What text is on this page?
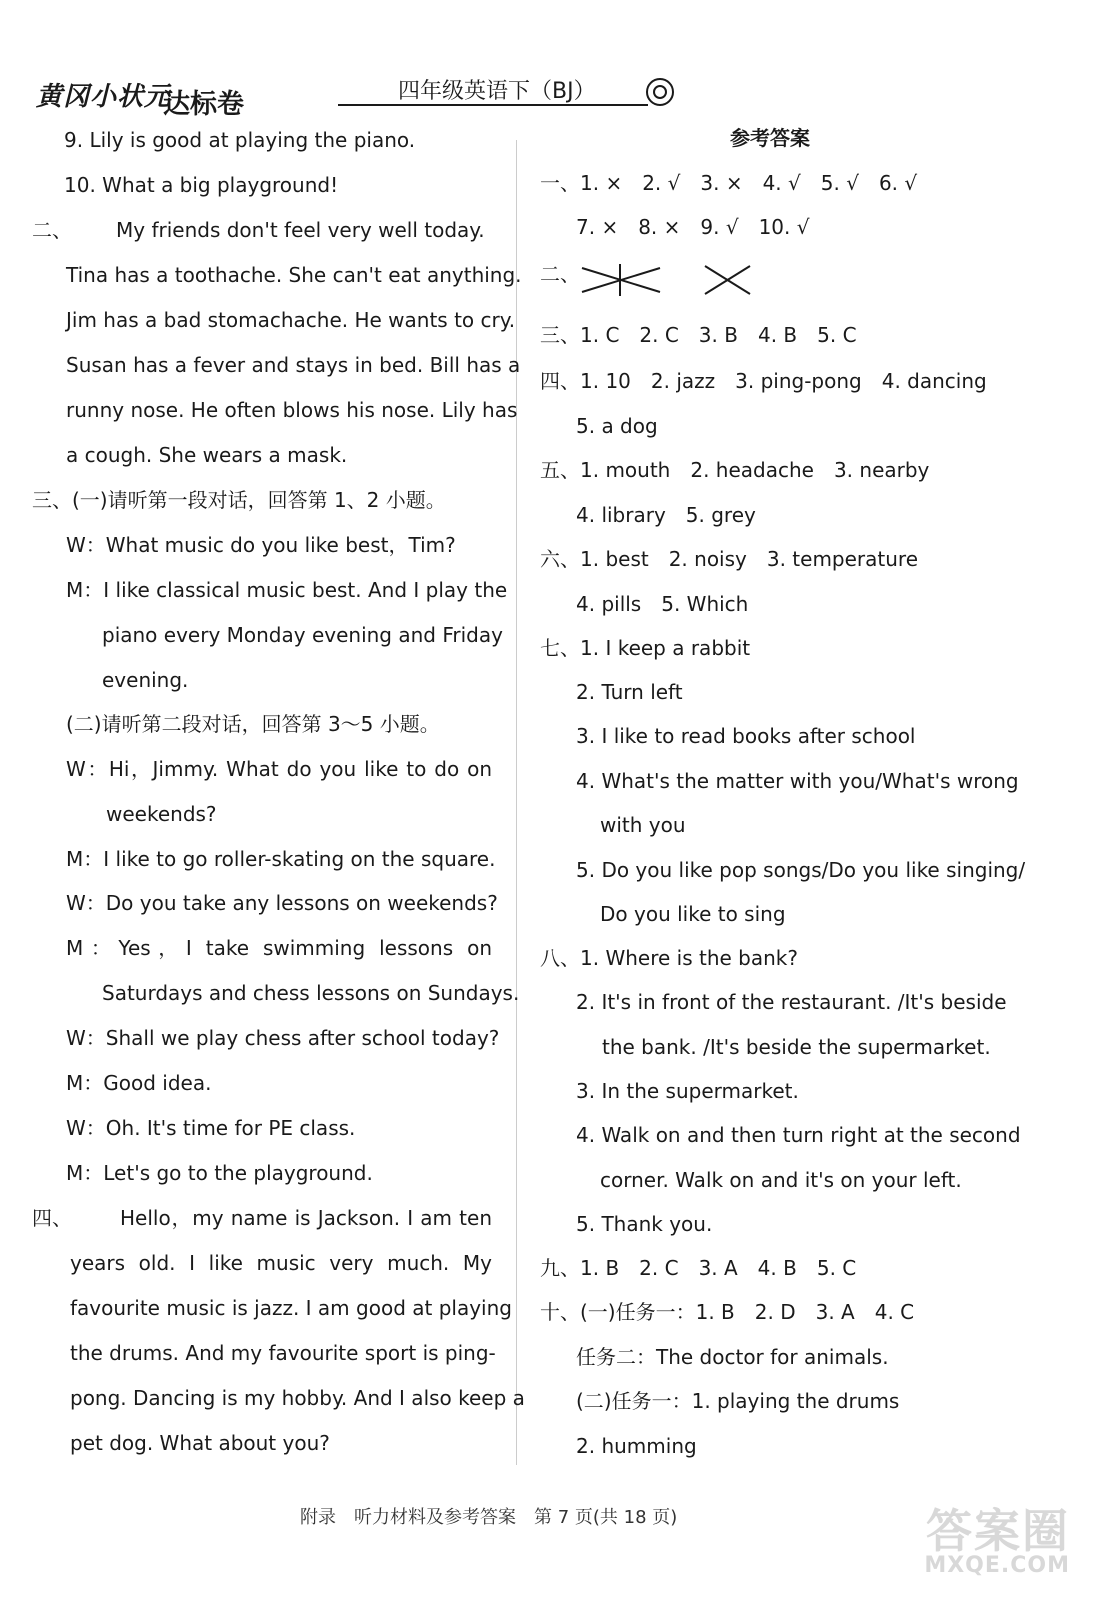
黄冈小状元
达标卷	四年级英语下（BJ）
9. Lily is good at playing the piano.
10. What a big playground!
二、 My friends don't feel very well today.
Tina has a toothache. She can't eat anything.
Jim has a bad stomachache. He wants to cry.
Susan has a fever and stays in bed. Bill has a
runny nose. He often blows his nose. Lily has
a cough. She wears a mask.
三、(一)请听第一段对话，回答第 1、2 小题。
W：What music do you like best，Tim?
M：I like classical music best. And I play the
piano every Monday evening and Friday
evening.
(二)请听第二段对话，回答第 3～5 小题。
W：Hi，Jimmy. What do you like to do on
weekends?
M：I like to go roller-skating on the square.
W：Do you take any lessons on weekends?
M：Yes，I take swimming lessons on
Saturdays and chess lessons on Sundays.
W：Shall we play chess after school today?
M：Good idea.
W：Oh. It's time for PE class.
M：Let's go to the playground.
四、 Hello，my name is Jackson. I am ten
years old. I like music very much. My
favourite music is jazz. I am good at playing
the drums. And my favourite sport is ping-
pong. Dancing is my hobby. And I also keep a
pet dog. What about you?
参考答案
一、1. ×　2. √　3. ×　4. √　5. √　6. √
7. ×　8. ×　9. √　10. √
二、
三、1. C　2. C　3. B　4. B　5. C
四、1. 10　2. jazz　3. ping-pong　4. dancing
5. a dog
五、1. mouth　2. headache　3. nearby
4. library　5. grey
六、1. best　2. noisy　3. temperature
4. pills　5. Which
七、1. I keep a rabbit
2. Turn left
3. I like to read books after school
4. What's the matter with you/What's wrong
with you
5. Do you like pop songs/Do you like singing/
Do you like to sing
八、1. Where is the bank?
2. It's in front of the restaurant. /It's beside
the bank. /It's beside the supermarket.
3. In the supermarket.
4. Walk on and then turn right at the second
corner. Walk on and it's on your left.
5. Thank you.
九、1. B　2. C　3. A　4. B　5. C
十、(一)任务一：1. B　2. D　3. A　4. C
任务二：The doctor for animals.
(二)任务一：1. playing the drums
2. humming
附录　听力材料及参考答案　第 7 页(共 18 页)	答案圈
MXQE.COM
